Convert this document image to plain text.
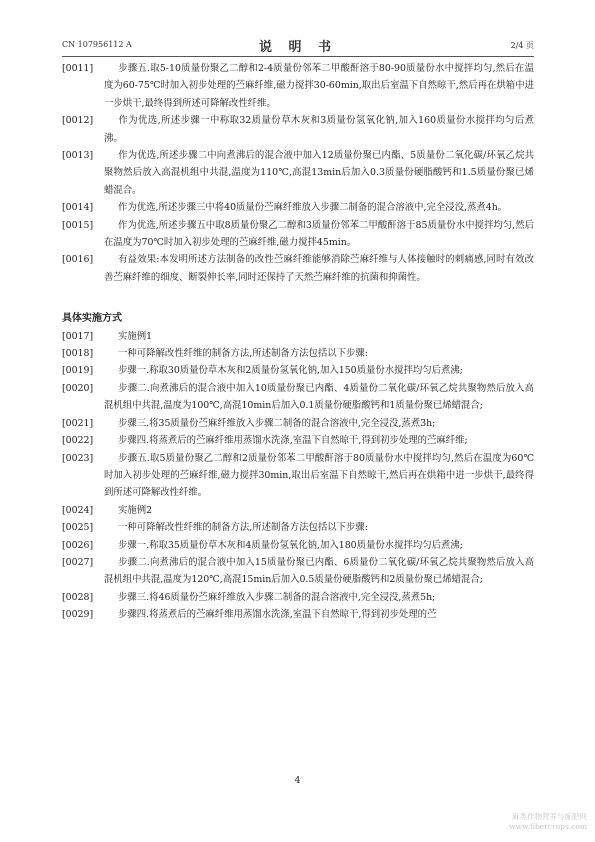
CN 107956112 A	说 明 书	2/4 页
[0011]	步骤五.取5-10质量份聚乙二醇和2-4质量份邻苯二甲酸酐溶于80-90质量份水中搅拌均匀,然后在温度为60-75℃时加入初步处理的苎麻纤维,磁力搅拌30-60min,取出后室温下自然晾干,然后再在烘箱中进一步烘干,最终得到所述可降解改性纤维。
[0012]	作为优选,所述步骤一中称取32质量份草木灰和3质量份氢氧化钠,加入160质量份水搅拌均匀后煮沸。
[0013]	作为优选,所述步骤二中向煮沸后的混合液中加入12质量份聚已内酯、5质量份二氧化碳/环氧乙烷共聚物然后放入高混机组中共混,温度为110℃,高混13min后加入0.3质量份硬脂酸钙和1.5质量份聚已烯蜡混合。
[0014]	作为优选,所述步骤三中将40质量份苎麻纤维放入步骤二制备的混合溶液中,完全浸没,蒸煮4h。
[0015]	作为优选,所述步骤五中取8质量份聚乙二醇和3质量份邻苯二甲酸酐溶于85质量份水中搅拌均匀,然后在温度为70℃时加入初步处理的苎麻纤维,磁力搅拌45min。
[0016]	有益效果:本发明所述方法制备的改性苎麻纤维能够消除苎麻纤维与人体接触时的刺痛感,同时有效改善苎麻纤维的细度、断裂伸长率,同时还保持了天然苎麻纤维的抗菌和抑菌性。
具体实施方式
[0017]	实施例1
[0018]	一种可降解改性纤维的制备方法,所述制备方法包括以下步骤:
[0019]	步骤一.称取30质量份草木灰和2质量份氢氧化钠,加入150质量份水搅拌均匀后煮沸;
[0020]	步骤二.向煮沸后的混合液中加入10质量份聚已内酯、4质量份二氧化碳/环氧乙烷共聚物然后放入高混机组中共混,温度为100℃,高混10min后加入0.1质量份硬脂酸钙和1质量份聚已烯蜡混合;
[0021]	步骤三.将35质量份苎麻纤维放入步骤二制备的混合溶液中,完全浸没,蒸煮3h;
[0022]	步骤四.将蒸煮后的苎麻纤维用蒸馏水洗涤,室温下自然晾干,得到初步处理的苎麻纤维;
[0023]	步骤五.取5质量份聚乙二醇和2质量份邻苯二甲酸酐溶于80质量份水中搅拌均匀,然后在温度为60℃时加入初步处理的苎麻纤维,磁力搅拌30min,取出后室温下自然晾干,然后再在烘箱中进一步烘干,最终得到所述可降解改性纤维。
[0024]	实施例2
[0025]	一种可降解改性纤维的制备方法,所述制备方法包括以下步骤:
[0026]	步骤一.称取35质量份草木灰和4质量份氢氧化钠,加入180质量份水搅拌均匀后煮沸;
[0027]	步骤二.向煮沸后的混合液中加入15质量份聚已内酯、6质量份二氧化碳/环氧乙烷共聚物然后放入高混机组中共混,温度为120℃,高混15min后加入0.5质量份硬脂酸钙和2质量份聚已烯蜡混合;
[0028]	步骤三.将46质量份苎麻纤维放入步骤二制备的混合溶液中,完全浸没,蒸煮5h;
[0029]	步骤四.将蒸煮后的苎麻纤维用蒸馏水洗涤,室温下自然晾干,得到初步处理的苎
4
麻类作物营养与施肥网
www.fibercrops.com
